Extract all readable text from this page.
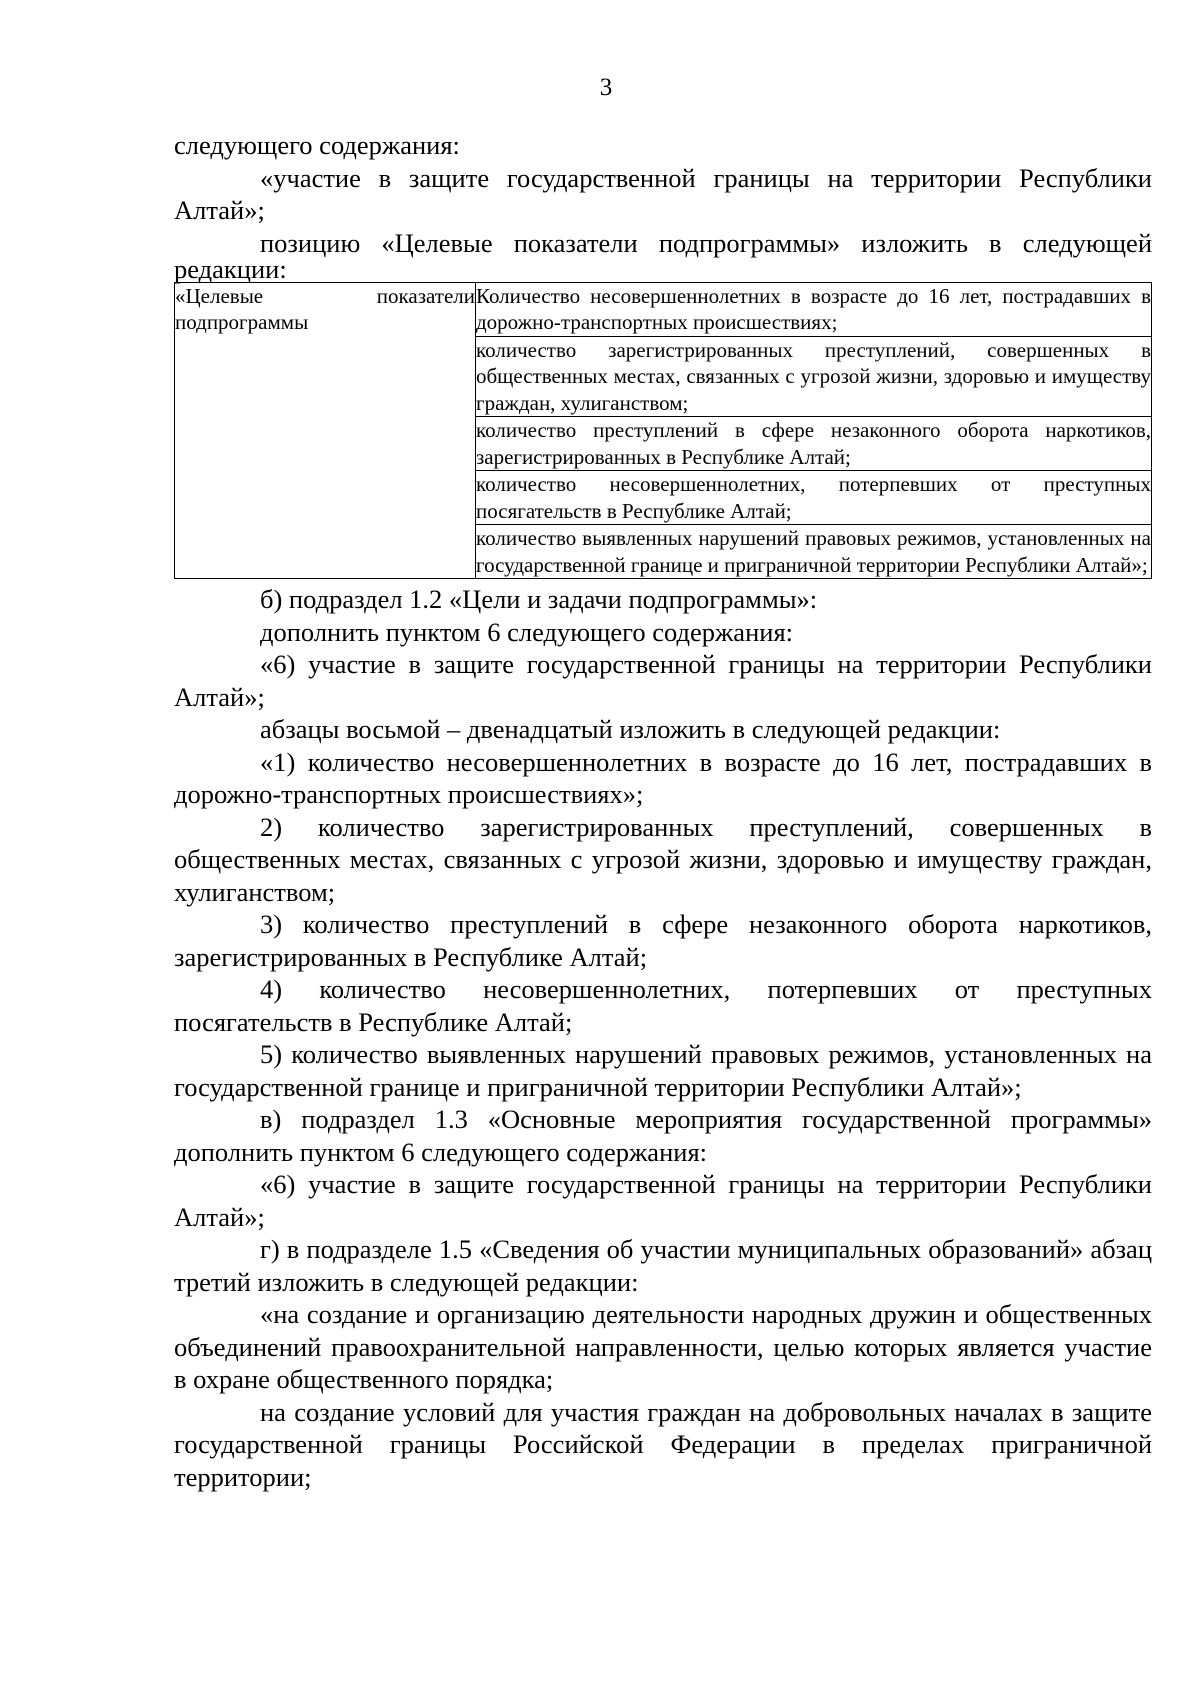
3

следующего содержания:

«участие в защите государственной границы на территории Республики Алтай»;

позицию «Целевые показатели подпрограммы» изложить в следующей редакции:

«Целевые	показатели
подпрограммы

Количество несовершеннолетних в возрасте до 16 лет, пострадавших в дорожно-транспортных происшествиях;
количество зарегистрированных преступлений, совершенных в общественных местах, связанных с угрозой жизни, здоровью и имуществу граждан, хулиганством;
количество преступлений в сфере незаконного оборота наркотиков, зарегистрированных в Республике Алтай;
количество несовершеннолетних, потерпевших от преступных посягательств в Республике Алтай;
количество выявленных нарушений правовых режимов, установленных на государственной границе и приграничной территории Республики Алтай»;

б) подраздел 1.2 «Цели и задачи подпрограммы»:

дополнить пунктом 6 следующего содержания:

«6) участие в защите государственной границы на территории Республики Алтай»;

абзацы восьмой – двенадцатый изложить в следующей редакции:

«1) количество несовершеннолетних в возрасте до 16 лет, пострадавших в дорожно-транспортных происшествиях»;

2) количество зарегистрированных преступлений, совершенных в общественных местах, связанных с угрозой жизни, здоровью и имуществу граждан, хулиганством;

3) количество преступлений в сфере незаконного оборота наркотиков, зарегистрированных в Республике Алтай;

4) количество несовершеннолетних, потерпевших от преступных посягательств в Республике Алтай;

5) количество выявленных нарушений правовых режимов, установленных на государственной границе и приграничной территории Республики Алтай»;

в) подраздел 1.3 «Основные мероприятия государственной программы» дополнить пунктом 6 следующего содержания:

«6) участие в защите государственной границы на территории Республики Алтай»;

г) в подразделе 1.5 «Сведения об участии муниципальных образований» абзац третий изложить в следующей редакции:

«на создание и организацию деятельности народных дружин и общественных объединений правоохранительной направленности, целью которых является участие в охране общественного порядка;

на создание условий для участия граждан на добровольных началах в защите государственной границы Российской Федерации в пределах приграничной территории;
